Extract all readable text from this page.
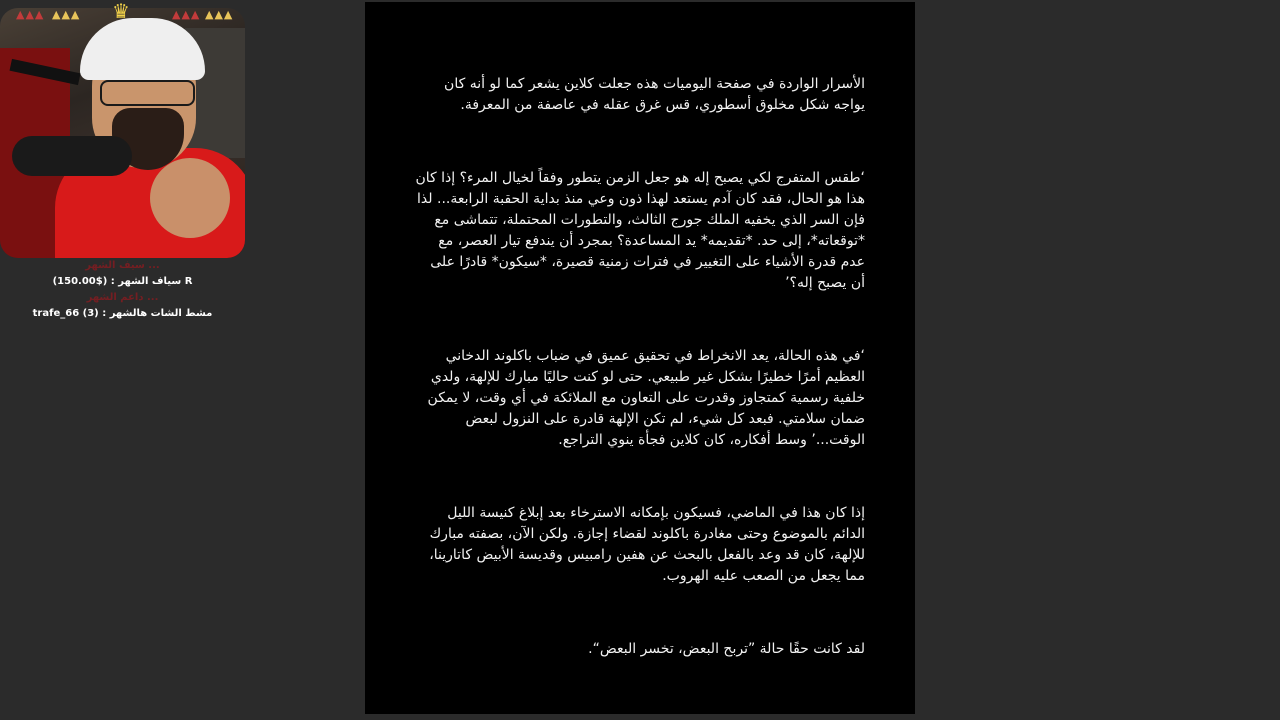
▲▲▲ ▲▲▲	♛	▲▲▲ ▲▲▲
سيف الشهر ...
سياف الشهر : ($150.00) R
داعم الشهر ...
trafe_66 (3) : مشط الشات هالشهر

الأسرار الواردة في صفحة اليوميات هذه جعلت كلاين يشعر كما لو أنه كان يواجه شكل مخلوق أسطوري، قس غرق عقله في عاصفة من المعرفة.

‘طقس المتفرج لكي يصبح إله هو جعل الزمن يتطور وفقاً لخيال المرء؟ إذا كان هذا هو الحال، فقد كان آدم يستعد لهذا ذون وعي منذ بداية الحقبة الرابعة... لذا فإن السر الذي يخفيه الملك جورج الثالث، والتطورات المحتملة، تتماشى مع *توقعاته*، إلى حد. *تقديمه* يد المساعدة؟ بمجرد أن يندفع تيار العصر، مع عدم قدرة الأشياء على التغيير في فترات زمنية قصيرة، *سيكون* قادرًا على أن يصبح إله؟’

‘في هذه الحالة، يعد الانخراط في تحقيق عميق في ضباب باكلوند الدخاني العظيم أمرًا خطيرًا بشكل غير طبيعي. حتى لو كنت حاليًا مبارك للإلهة، ولدي خلفية رسمية كمتجاوز وقدرت على التعاون مع الملائكة في أي وقت، لا يمكن ضمان سلامتي. فبعد كل شيء، لم تكن الإلهة قادرة على النزول لبعض الوقت...’ وسط أفكاره، كان كلاين فجأة ينوي التراجع.

إذا كان هذا في الماضي، فسيكون بإمكانه الاسترخاء بعد إبلاغ كنيسة الليل الدائم بالموضوع وحتى مغادرة باكلوند لقضاء إجازة. ولكن الآن، بصفته مبارك للإلهة، كان قد وعد بالفعل بالبحث عن هفين رامبيس وقديسة الأبيض كاتارينا، مما يجعل من الصعب عليه الهروب.

لقد كانت حقًا حالة ”تربح البعض، تخسر البعض“.
